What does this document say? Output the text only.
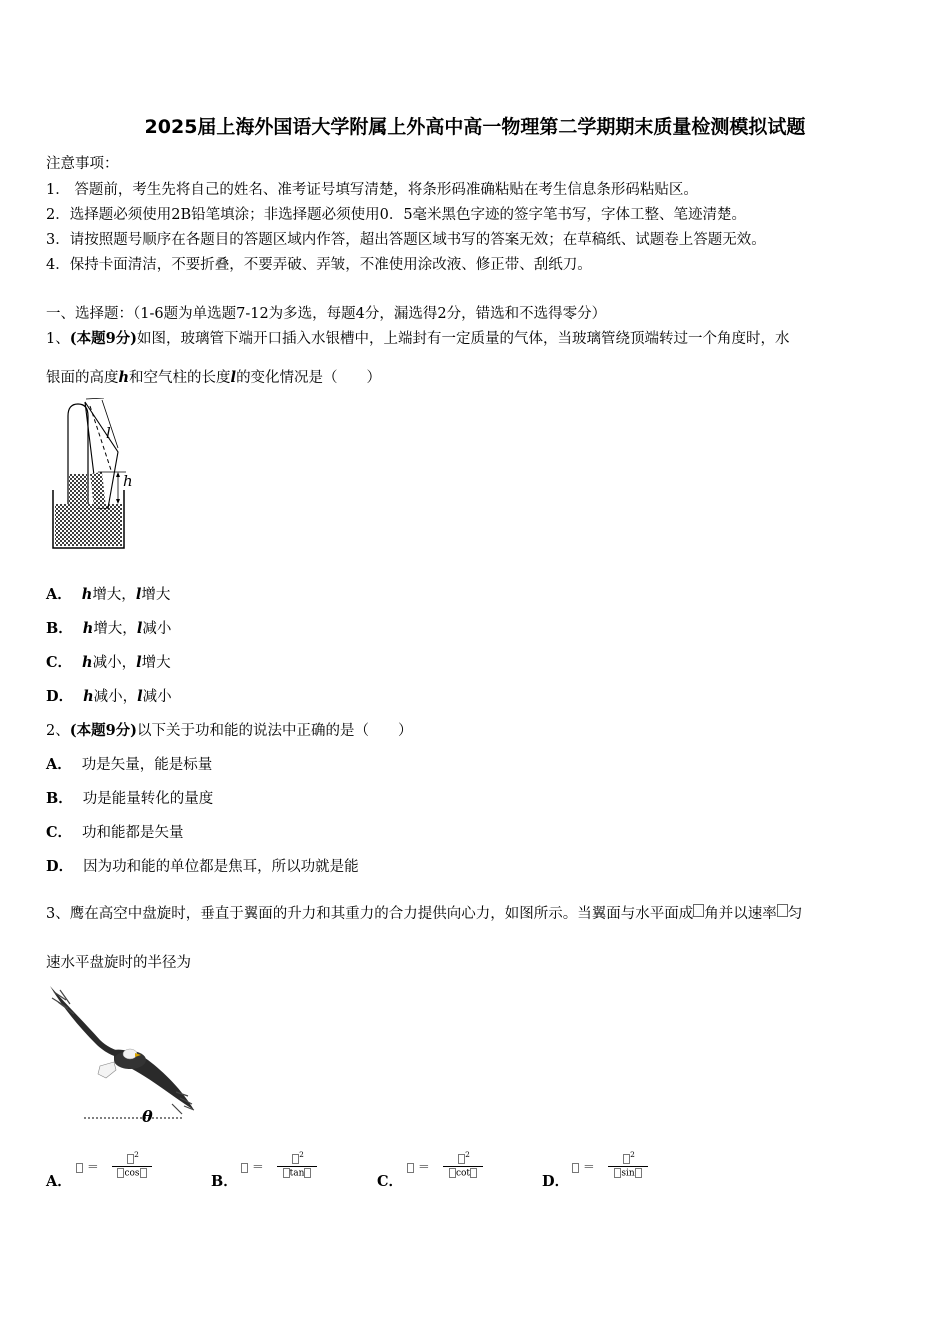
2025届上海外国语大学附属上外高中高一物理第二学期期末质量检测模拟试题
注意事项：
1． 答题前，考生先将自己的姓名、准考证号填写清楚，将条形码准确粘贴在考生信息条形码粘贴区。
2．选择题必须使用2B铅笔填涂；非选择题必须使用0．5毫米黑色字迹的签字笔书写，字体工整、笔迹清楚。
3．请按照题号顺序在各题目的答题区域内作答，超出答题区域书写的答案无效；在草稿纸、试题卷上答题无效。
4．保持卡面清洁，不要折叠，不要弄破、弄皱，不准使用涂改液、修正带、刮纸刀。
一、选择题：（1-6题为单选题7-12为多选，每题4分，漏选得2分，错选和不选得零分）
1、(本题9分)如图，玻璃管下端开口插入水银槽中，上端封有一定质量的气体，当玻璃管绕顶端转过一个角度时，水
银面的高度h和空气柱的长度l的变化情况是（　　）
l
h
A． h增大，l增大
B． h增大，l减小
C． h减小，l增大
D． h减小，l减小
2、(本题9分)以下关于功和能的说法中正确的是（　　）
A． 功是矢量，能是标量
B． 功是能量转化的量度
C． 功和能都是矢量
D． 因为功和能的单位都是焦耳，所以功就是能
3、鹰在高空中盘旋时，垂直于翼面的升力和其重力的合力提供向心力，如图所示。当翼面与水平面成 角并以速率 匀
速水平盘旋时的半径为
θ
A．
＝
$^2$
cos	B．
＝
$^2$
tan	C．
＝
$^2$
cot	D．
＝
$^2$
sin
